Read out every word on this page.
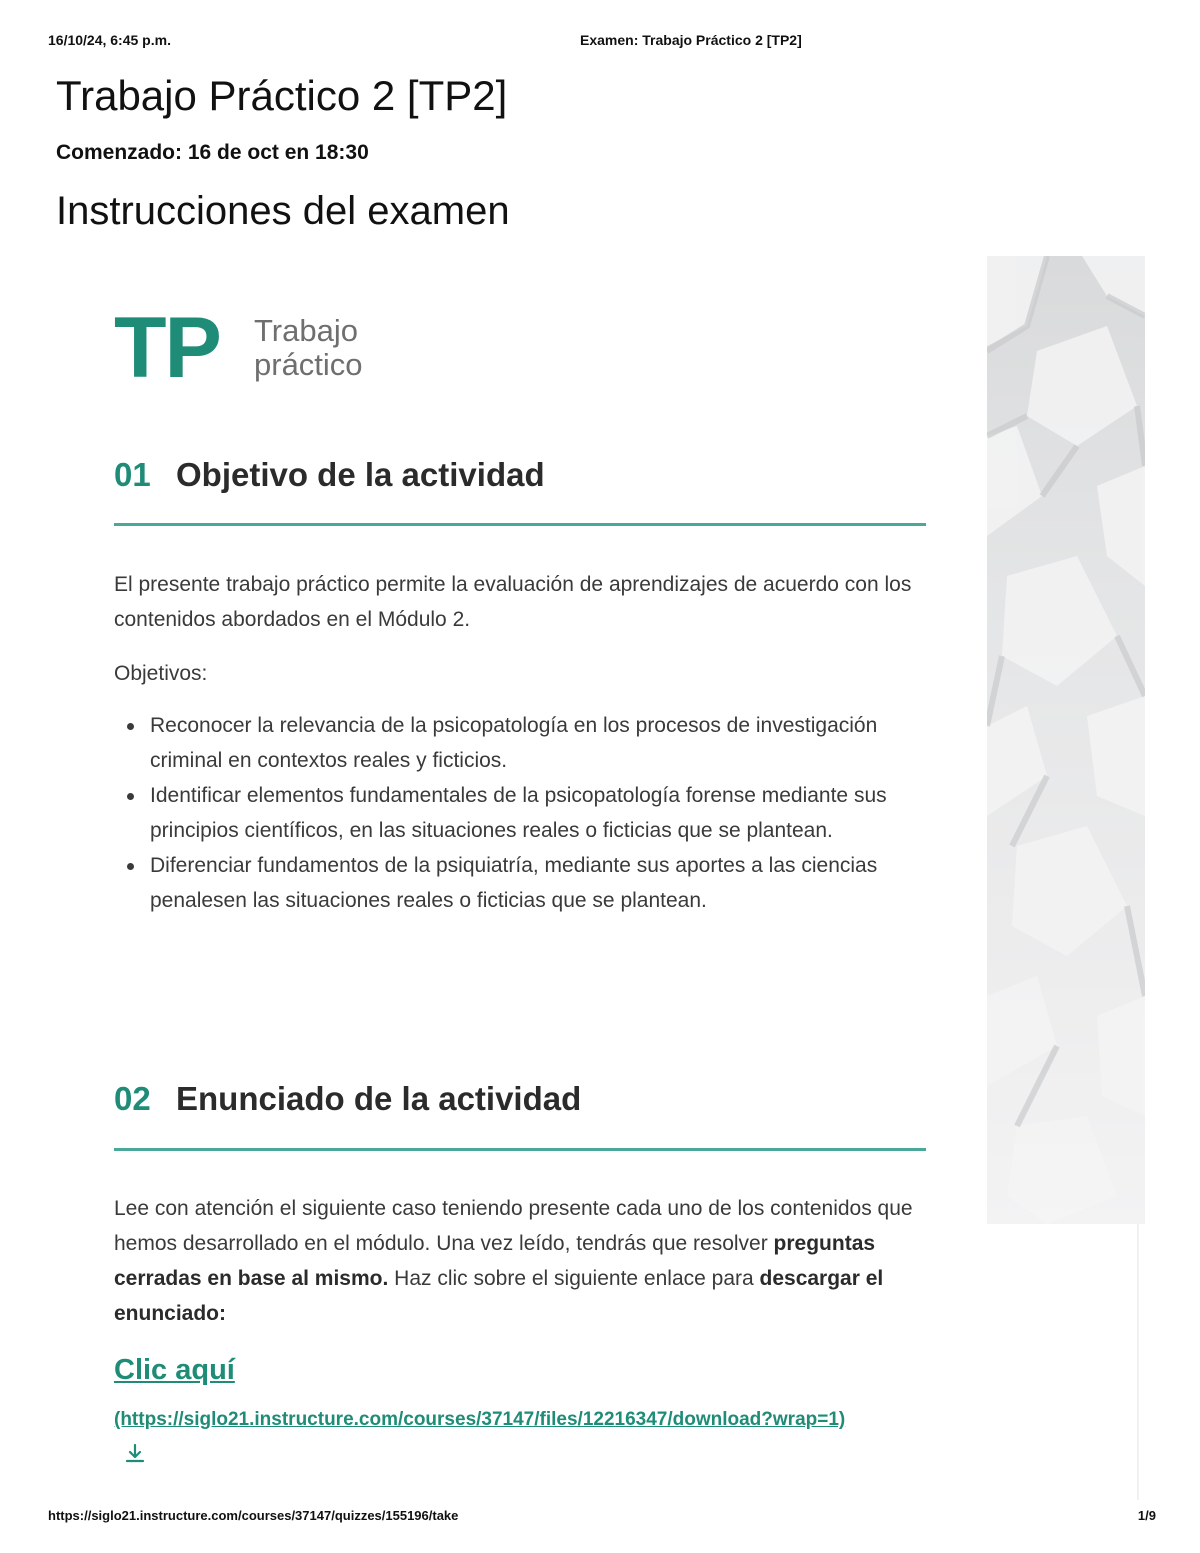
16/10/24, 6:45 p.m.	Examen: Trabajo Práctico 2 [TP2]
Trabajo Práctico 2 [TP2]
Comenzado: 16 de oct en 18:30
Instrucciones del examen
TP Trabajo
práctico
01 Objetivo de la actividad

El presente trabajo práctico permite la evaluación de aprendizajes de acuerdo con los contenidos abordados en el Módulo 2.

Objetivos:

Reconocer la relevancia de la psicopatología en los procesos de investigación criminal en contextos reales y ficticios.
Identificar elementos fundamentales de la psicopatología forense mediante sus principios científicos, en las situaciones reales o ficticias que se plantean.
Diferenciar fundamentos de la psiquiatría, mediante sus aportes a las ciencias penalesen las situaciones reales o ficticias que se plantean.
02 Enunciado de la actividad

Lee con atención el siguiente caso teniendo presente cada uno de los contenidos que hemos desarrollado en el módulo. Una vez leído, tendrás que resolver preguntas cerradas en base al mismo. Haz clic sobre el siguiente enlace para descargar el enunciado:

Clic aquí
(https://siglo21.instructure.com/courses/37147/files/12216347/download?wrap=1)
https://siglo21.instructure.com/courses/37147/quizzes/155196/take	1/9
